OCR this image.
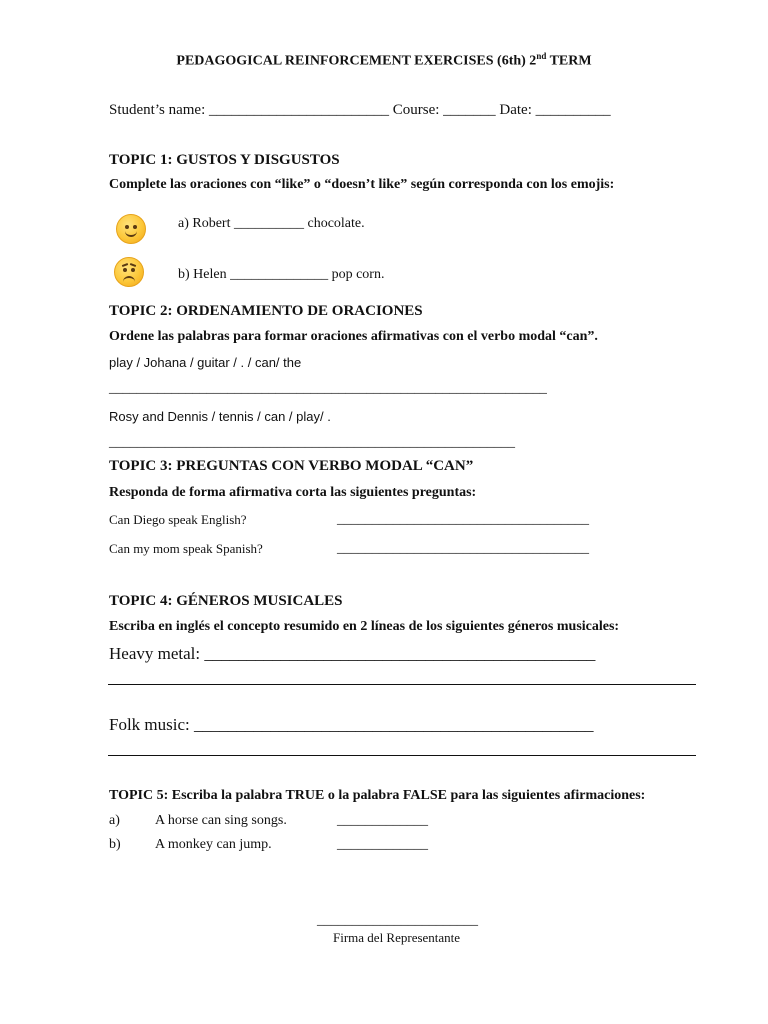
PEDAGOGICAL REINFORCEMENT EXERCISES (6th) 2nd TERM
Student’s name: ________________________ Course: _______ Date: __________
TOPIC 1: GUSTOS Y DISGUSTOS
Complete las oraciones con “like” o “doesn’t like” según corresponda con los emojis:
a) Robert __________ chocolate.
b) Helen ______________ pop corn.
TOPIC 2: ORDENAMIENTO DE ORACIONES
Ordene las palabras para formar oraciones afirmativas con el verbo modal “can”.
play / Johana / guitar / . / can/ the
_______________________________________________________________
Rosy and Dennis / tennis / can / play/ .
__________________________________________________________
TOPIC 3: PREGUNTAS CON VERBO MODAL “CAN”
Responda de forma afirmativa corta las siguientes preguntas:
Can Diego speak English?	____________________________________
Can my mom speak Spanish?	____________________________________
TOPIC 4: GÉNEROS MUSICALES
Escriba en inglés el concepto resumido en 2 líneas de los siguientes géneros musicales:
Heavy metal: ______________________________________________
Folk music: _______________________________________________
TOPIC 5: Escriba la palabra TRUE o la palabra FALSE para las siguientes afirmaciones:
a)	A horse can sing songs.	_____________
b) A monkey can jump.	_____________
_______________________
Firma del Representante
